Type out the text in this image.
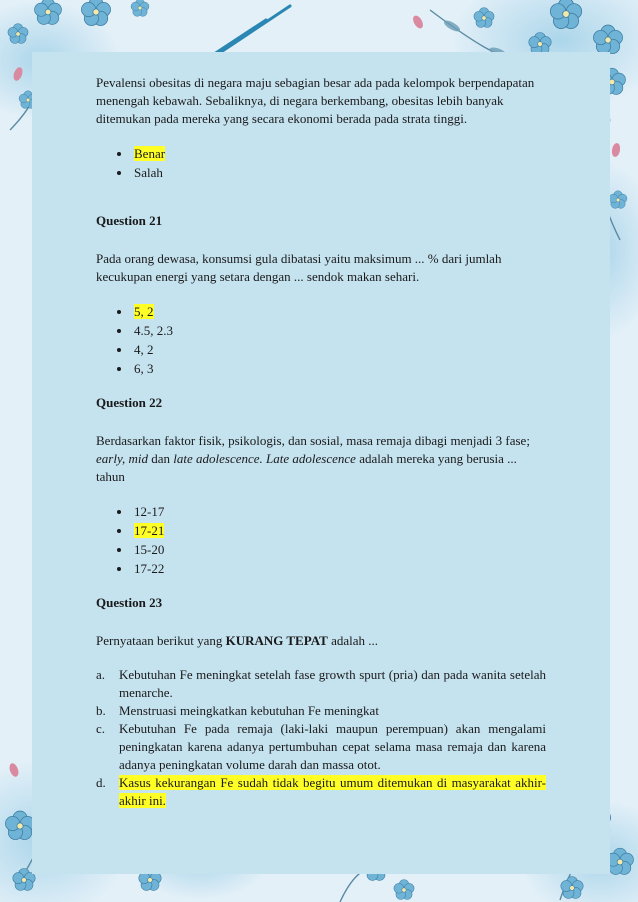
Pevalensi obesitas di negara maju sebagian besar ada pada kelompok berpendapatan menengah kebawah. Sebaliknya, di negara berkembang, obesitas lebih banyak ditemukan pada mereka yang secara ekonomi berada pada strata tinggi.

Benar
Salah

Question 21

Pada orang dewasa, konsumsi gula dibatasi yaitu maksimum ... % dari jumlah kecukupan energi yang setara dengan ... sendok makan sehari.

5, 2
4.5, 2.3
4, 2
6, 3

Question 22

Berdasarkan faktor fisik, psikologis, dan sosial, masa remaja dibagi menjadi 3 fase;
early, mid dan late adolescence. Late adolescence adalah mereka yang berusia ... tahun

12-17
17-21
15-20
17-22

Question 23

Pernyataan berikut yang KURANG TEPAT adalah ...

a.	Kebutuhan Fe meningkat setelah fase growth spurt (pria) dan pada wanita setelah menarche.
b.	Menstruasi meingkatkan kebutuhan Fe meningkat
c.	Kebutuhan Fe pada remaja (laki-laki maupun perempuan) akan mengalami peningkatan karena adanya pertumbuhan cepat selama masa remaja dan karena adanya peningkatan volume darah dan massa otot.
d.	Kasus kekurangan Fe sudah tidak begitu umum ditemukan di masyarakat akhir-akhir ini.
